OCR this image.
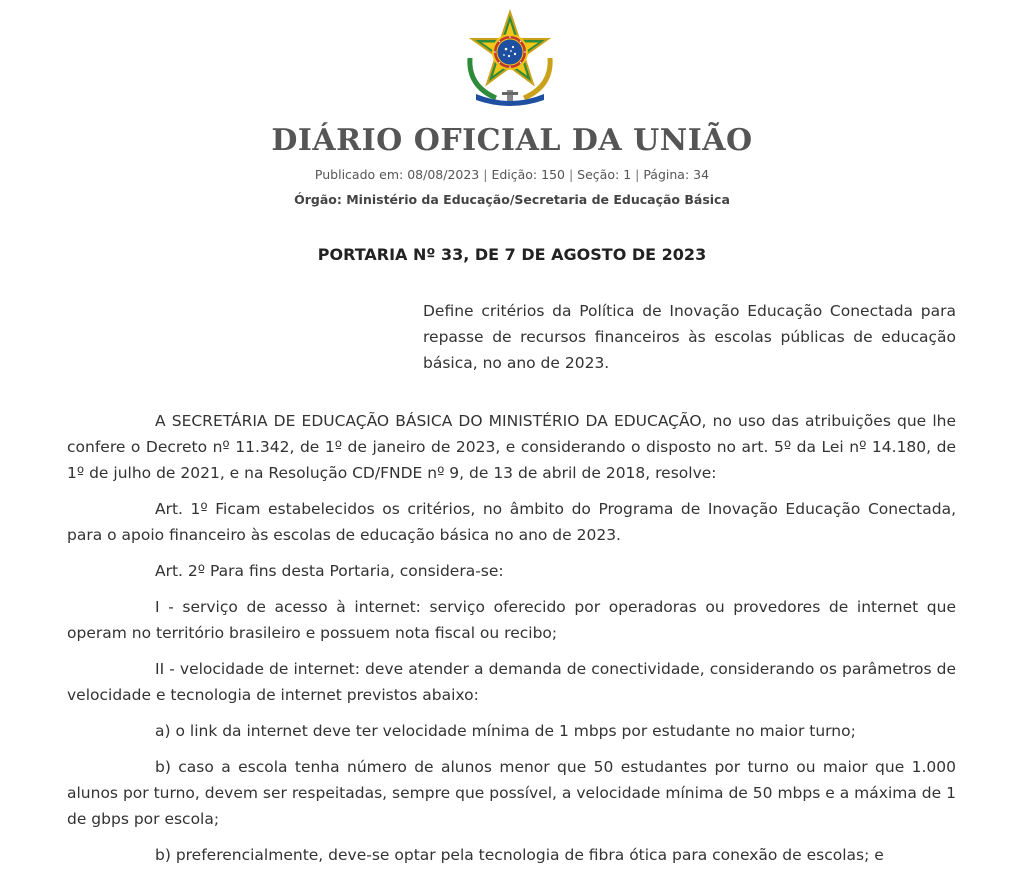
DIÁRIO OFICIAL DA UNIÃO
Publicado em: 08/08/2023 | Edição: 150 | Seção: 1 | Página: 34
Órgão: Ministério da Educação/Secretaria de Educação Básica
PORTARIA Nº 33, DE 7 DE AGOSTO DE 2023
Define critérios da Política de Inovação Educação Conectada para repasse de recursos financeiros às escolas públicas de educação básica, no ano de 2023.

A SECRETÁRIA DE EDUCAÇÃO BÁSICA DO MINISTÉRIO DA EDUCAÇÃO, no uso das atribuições que lhe confere o Decreto nº 11.342, de 1º de janeiro de 2023, e considerando o disposto no art. 5º da Lei nº 14.180, de 1º de julho de 2021, e na Resolução CD/FNDE nº 9, de 13 de abril de 2018, resolve:

Art. 1º Ficam estabelecidos os critérios, no âmbito do Programa de Inovação Educação Conectada, para o apoio financeiro às escolas de educação básica no ano de 2023.

Art. 2º Para fins desta Portaria, considera-se:

I - serviço de acesso à internet: serviço oferecido por operadoras ou provedores de internet que operam no território brasileiro e possuem nota fiscal ou recibo;

II - velocidade de internet: deve atender a demanda de conectividade, considerando os parâmetros de velocidade e tecnologia de internet previstos abaixo:

a) o link da internet deve ter velocidade mínima de 1 mbps por estudante no maior turno;

b) caso a escola tenha número de alunos menor que 50 estudantes por turno ou maior que 1.000 alunos por turno, devem ser respeitadas, sempre que possível, a velocidade mínima de 50 mbps e a máxima de 1 de gbps por escola;

b) preferencialmente, deve-se optar pela tecnologia de fibra ótica para conexão de escolas; e
